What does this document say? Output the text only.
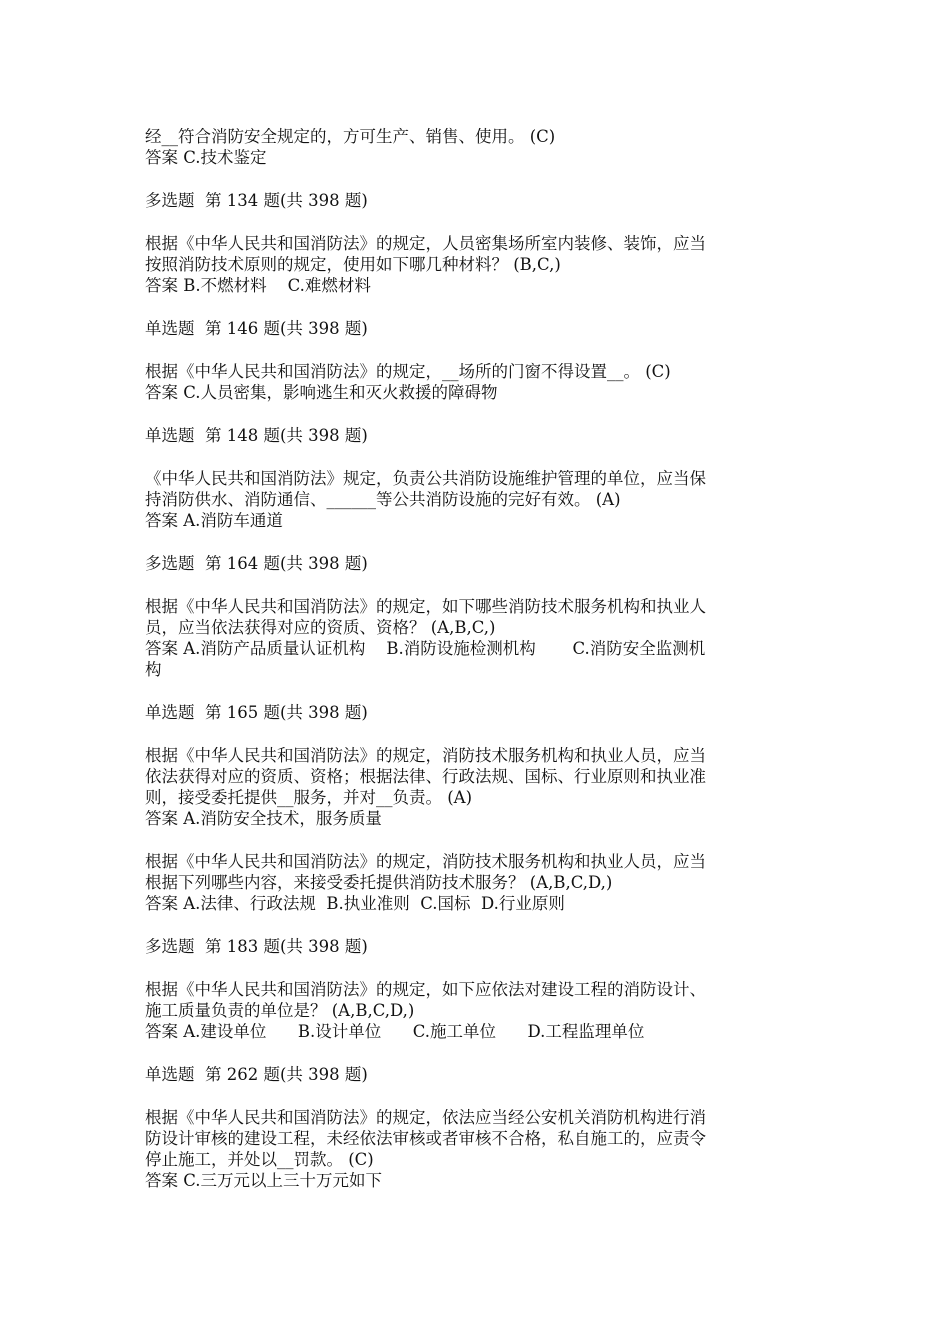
经__符合消防安全规定的，方可生产、销售、使用。 (C)
答案 C.技术鉴定
多选题  第 134 题(共 398 题)
根据《中华人民共和国消防法》的规定，人员密集场所室内装修、装饰，应当
按照消防技术原则的规定，使用如下哪几种材料？ (B,C,)
答案 B.不燃材料    C.难燃材料
单选题  第 146 题(共 398 题)
根据《中华人民共和国消防法》的规定，__场所的门窗不得设置__。 (C)
答案 C.人员密集，影响逃生和灭火救援的障碍物
单选题  第 148 题(共 398 题)
《中华人民共和国消防法》规定，负责公共消防设施维护管理的单位，应当保
持消防供水、消防通信、______等公共消防设施的完好有效。 (A)
答案 A.消防车通道
多选题  第 164 题(共 398 题)
根据《中华人民共和国消防法》的规定，如下哪些消防技术服务机构和执业人
员，应当依法获得对应的资质、资格？ (A,B,C,)
答案 A.消防产品质量认证机构    B.消防设施检测机构       C.消防安全监测机
构
单选题  第 165 题(共 398 题)
根据《中华人民共和国消防法》的规定，消防技术服务机构和执业人员，应当
依法获得对应的资质、资格；根据法律、行政法规、国标、行业原则和执业准
则，接受委托提供__服务，并对__负责。 (A)
答案 A.消防安全技术，服务质量
根据《中华人民共和国消防法》的规定，消防技术服务机构和执业人员，应当
根据下列哪些内容，来接受委托提供消防技术服务？ (A,B,C,D,)
答案 A.法律、行政法规  B.执业准则  C.国标  D.行业原则
多选题  第 183 题(共 398 题)
根据《中华人民共和国消防法》的规定，如下应依法对建设工程的消防设计、
施工质量负责的单位是？ (A,B,C,D,)
答案 A.建设单位      B.设计单位      C.施工单位      D.工程监理单位
单选题  第 262 题(共 398 题)
根据《中华人民共和国消防法》的规定，依法应当经公安机关消防机构进行消
防设计审核的建设工程，未经依法审核或者审核不合格，私自施工的，应责令
停止施工，并处以__罚款。 (C)
答案 C.三万元以上三十万元如下
